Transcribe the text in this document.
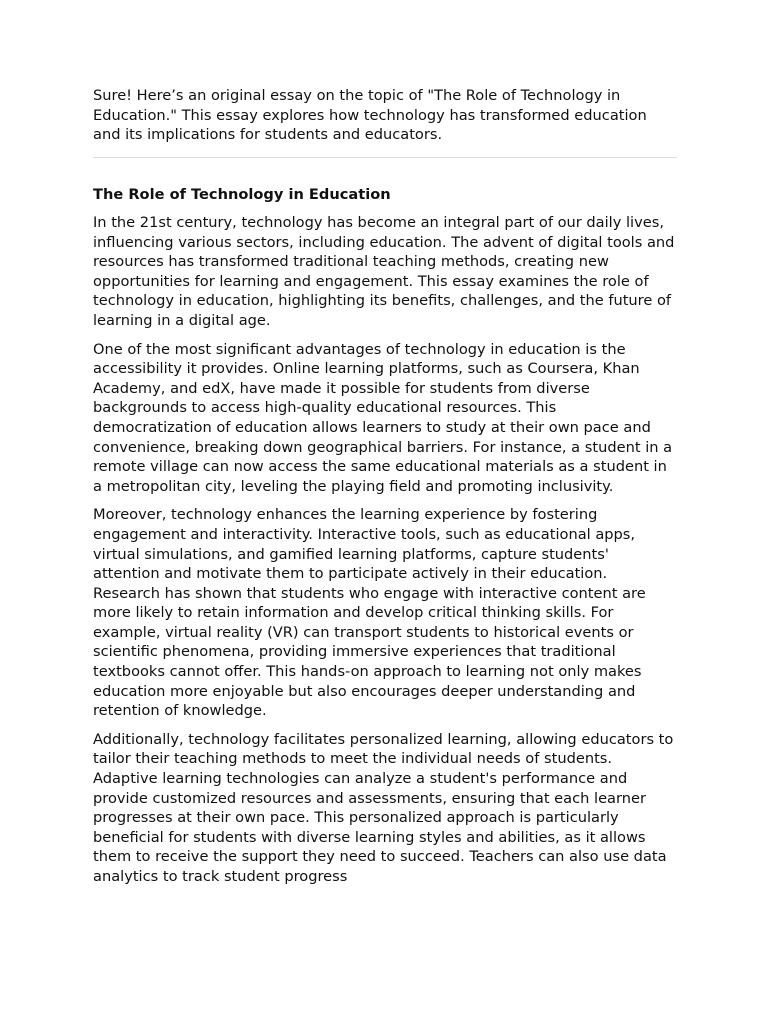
Sure! Here’s an original essay on the topic of "The Role of Technology in Education." This essay explores how technology has transformed education and its implications for students and educators.

The Role of Technology in Education

In the 21st century, technology has become an integral part of our daily lives, influencing various sectors, including education. The advent of digital tools and resources has transformed traditional teaching methods, creating new opportunities for learning and engagement. This essay examines the role of technology in education, highlighting its benefits, challenges, and the future of learning in a digital age.

One of the most significant advantages of technology in education is the accessibility it provides. Online learning platforms, such as Coursera, Khan Academy, and edX, have made it possible for students from diverse backgrounds to access high-quality educational resources. This democratization of education allows learners to study at their own pace and convenience, breaking down geographical barriers. For instance, a student in a remote village can now access the same educational materials as a student in a metropolitan city, leveling the playing field and promoting inclusivity.

Moreover, technology enhances the learning experience by fostering engagement and interactivity. Interactive tools, such as educational apps, virtual simulations, and gamified learning platforms, capture students' attention and motivate them to participate actively in their education. Research has shown that students who engage with interactive content are more likely to retain information and develop critical thinking skills. For example, virtual reality (VR) can transport students to historical events or scientific phenomena, providing immersive experiences that traditional textbooks cannot offer. This hands-on approach to learning not only makes education more enjoyable but also encourages deeper understanding and retention of knowledge.

Additionally, technology facilitates personalized learning, allowing educators to tailor their teaching methods to meet the individual needs of students. Adaptive learning technologies can analyze a student's performance and provide customized resources and assessments, ensuring that each learner progresses at their own pace. This personalized approach is particularly beneficial for students with diverse learning styles and abilities, as it allows them to receive the support they need to succeed. Teachers can also use data analytics to track student progress
